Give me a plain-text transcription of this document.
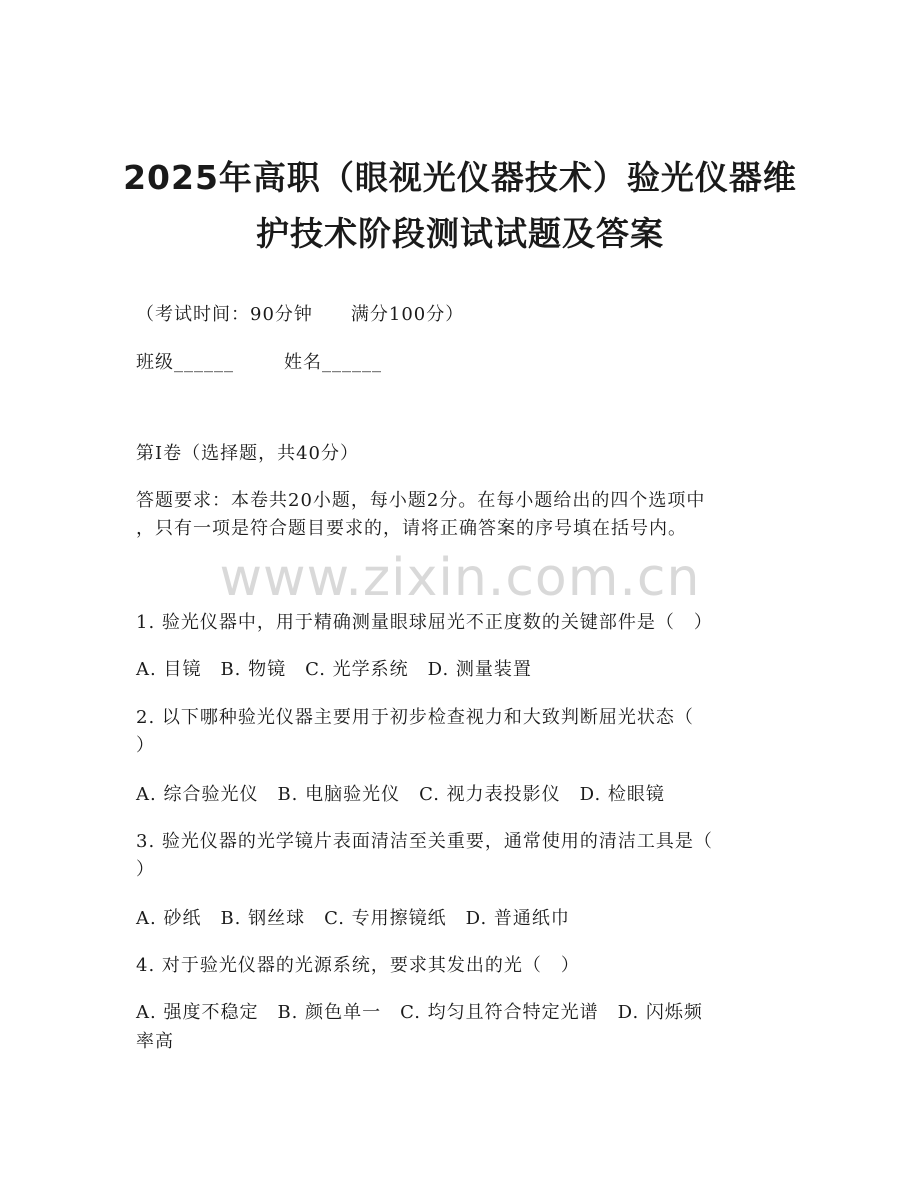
2025年高职（眼视光仪器技术）验光仪器维
护技术阶段测试试题及答案
（考试时间：90分钟　　满分100分）
班级______	姓名______
第I卷（选择题，共40分）
答题要求：本卷共20小题，每小题2分。在每小题给出的四个选项中
，只有一项是符合题目要求的，请将正确答案的序号填在括号内。
www.zixin.com.cn
1. 验光仪器中，用于精确测量眼球屈光不正度数的关键部件是（　）
A. 目镜　B. 物镜　C. 光学系统　D. 测量装置
2. 以下哪种验光仪器主要用于初步检查视力和大致判断屈光状态（
）
A. 综合验光仪　B. 电脑验光仪　C. 视力表投影仪　D. 检眼镜
3. 验光仪器的光学镜片表面清洁至关重要，通常使用的清洁工具是（
）
A. 砂纸　B. 钢丝球　C. 专用擦镜纸　D. 普通纸巾
4. 对于验光仪器的光源系统，要求其发出的光（　）
A. 强度不稳定　B. 颜色单一　C. 均匀且符合特定光谱　D. 闪烁频
率高
